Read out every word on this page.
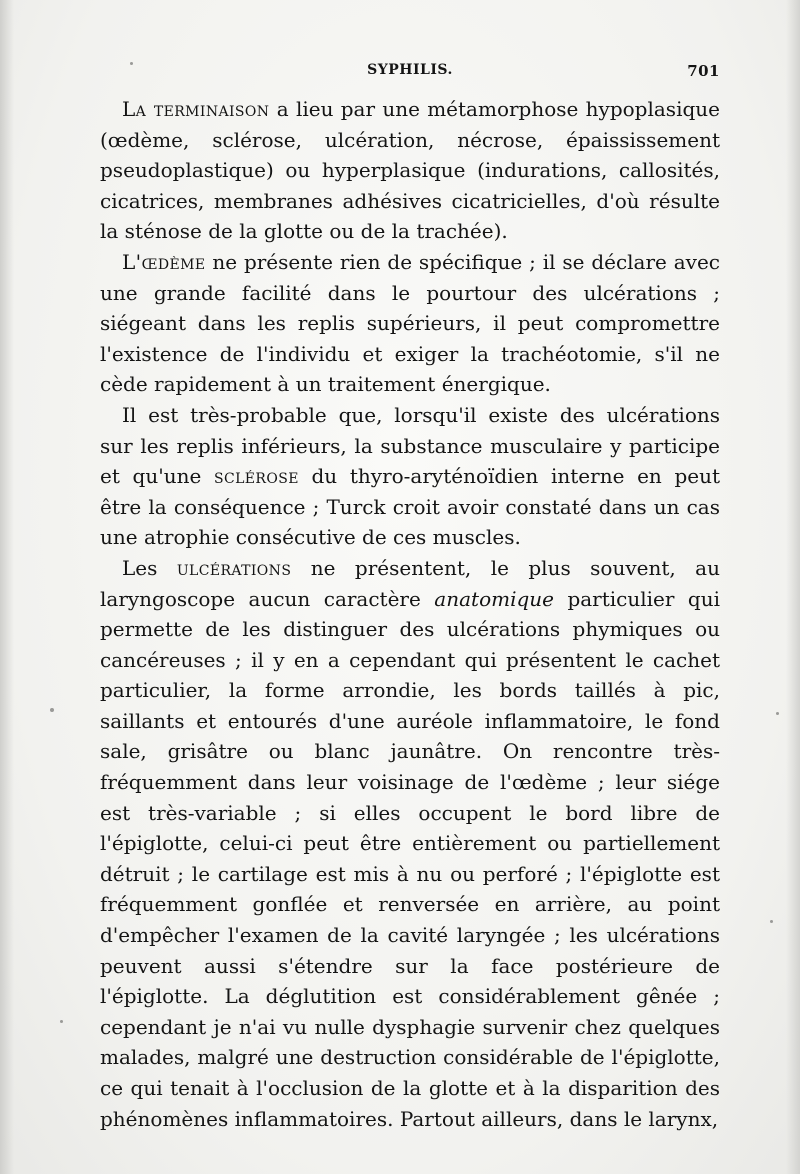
SYPHILIS.	701

La terminaison a lieu par une métamorphose hypoplasique (œdème, sclérose, ulcération, nécrose, épaississement pseudoplastique) ou hyperplasique (indurations, callosités, cicatrices, membranes adhésives cicatricielles, d'où résulte la sténose de la glotte ou de la trachée).

L'œdème ne présente rien de spécifique ; il se déclare avec une grande facilité dans le pourtour des ulcérations ; siégeant dans les replis supérieurs, il peut compromettre l'existence de l'individu et exiger la trachéotomie, s'il ne cède rapidement à un traitement énergique.

Il est très-probable que, lorsqu'il existe des ulcérations sur les replis inférieurs, la substance musculaire y participe et qu'une sclérose du thyro-aryténoïdien interne en peut être la conséquence ; Turck croit avoir constaté dans un cas une atrophie consécutive de ces muscles.

Les ulcérations ne présentent, le plus souvent, au laryngoscope aucun caractère anatomique particulier qui permette de les distinguer des ulcérations phymiques ou cancéreuses ; il y en a cependant qui présentent le cachet particulier, la forme arrondie, les bords taillés à pic, saillants et entourés d'une auréole inflammatoire, le fond sale, grisâtre ou blanc jaunâtre. On rencontre très-fréquemment dans leur voisinage de l'œdème ; leur siége est très-variable ; si elles occupent le bord libre de l'épiglotte, celui-ci peut être entièrement ou partiellement détruit ; le cartilage est mis à nu ou perforé ; l'épiglotte est fréquemment gonflée et renversée en arrière, au point d'empêcher l'examen de la cavité laryngée ; les ulcérations peuvent aussi s'étendre sur la face postérieure de l'épiglotte. La déglutition est considérablement gênée ; cependant je n'ai vu nulle dysphagie survenir chez quelques malades, malgré une destruction considérable de l'épiglotte, ce qui tenait à l'occlusion de la glotte et à la disparition des phénomènes inflammatoires. Partout ailleurs, dans le larynx,
